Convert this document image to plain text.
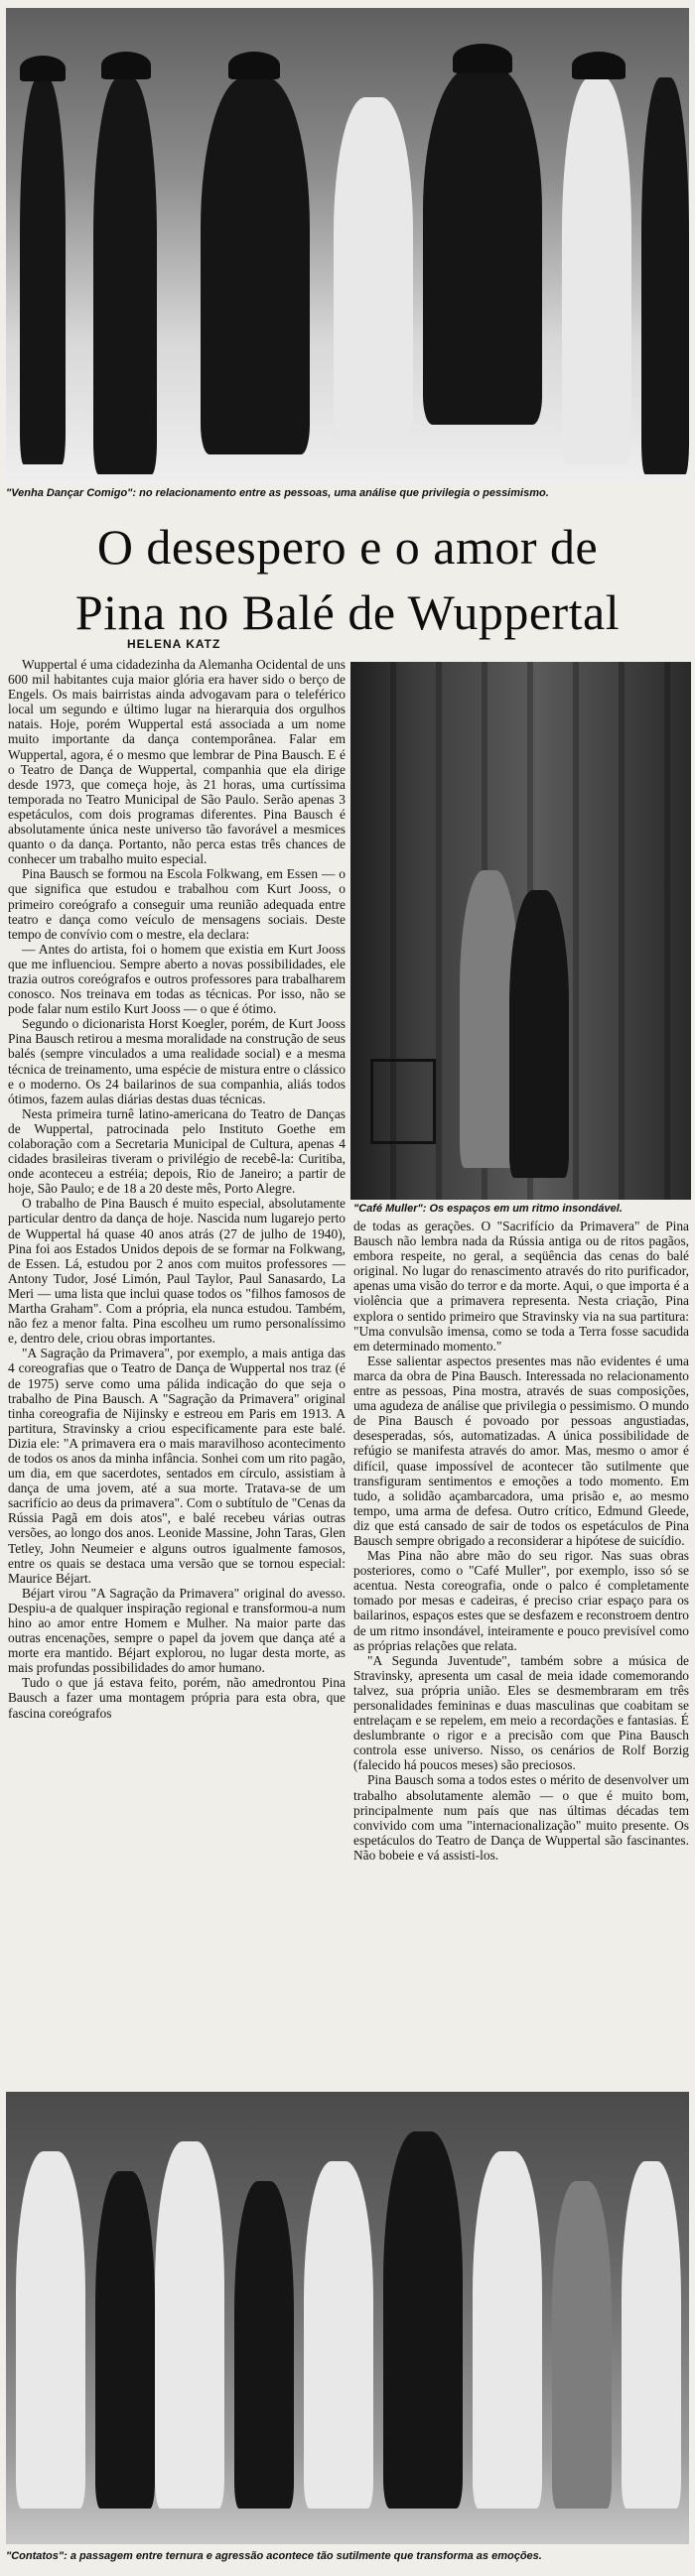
"Venha Dançar Comigo": no relacionamento entre as pessoas, uma análise que privilegia o pessimismo.
O desespero e o amor de
Pina no Balé de Wuppertal
HELENA KATZ

Wuppertal é uma cidadezinha da Alemanha Ocidental de uns 600 mil habitantes cuja maior glória era haver sido o berço de Engels. Os mais bairristas ainda advogavam para o teleférico local um segundo e último lugar na hierarquia dos orgulhos natais. Hoje, porém Wuppertal está associada a um nome muito importante da dança contemporânea. Falar em Wuppertal, agora, é o mesmo que lembrar de Pina Bausch. E é o Teatro de Dança de Wuppertal, companhia que ela dirige desde 1973, que começa hoje, às 21 horas, uma curtíssima temporada no Teatro Municipal de São Paulo. Serão apenas 3 espetáculos, com dois programas diferentes. Pina Bausch é absolutamente única neste universo tão favorável a mesmices quanto o da dança. Portanto, não perca estas três chances de conhecer um trabalho muito especial.

Pina Bausch se formou na Escola Folkwang, em Essen — o que significa que estudou e trabalhou com Kurt Jooss, o primeiro coreógrafo a conseguir uma reunião adequada entre teatro e dança como veículo de mensagens sociais. Deste tempo de convívio com o mestre, ela declara:

— Antes do artista, foi o homem que existia em Kurt Jooss que me influenciou. Sempre aberto a novas possibilidades, ele trazia outros coreógrafos e outros professores para trabalharem conosco. Nos treinava em todas as técnicas. Por isso, não se pode falar num estilo Kurt Jooss — o que é ótimo.

Segundo o dicionarista Horst Koegler, porém, de Kurt Jooss Pina Bausch retirou a mesma moralidade na construção de seus balés (sempre vinculados a uma realidade social) e a mesma técnica de treinamento, uma espécie de mistura entre o clássico e o moderno. Os 24 bailarinos de sua companhia, aliás todos ótimos, fazem aulas diárias destas duas técnicas.

Nesta primeira turnê latino-americana do Teatro de Danças de Wuppertal, patrocinada pelo Instituto Goethe em colaboração com a Secretaria Municipal de Cultura, apenas 4 cidades brasileiras tiveram o privilégio de recebê-la: Curitiba, onde aconteceu a estréia; depois, Rio de Janeiro; a partir de hoje, São Paulo; e de 18 a 20 deste mês, Porto Alegre.

O trabalho de Pina Bausch é muito especial, absolutamente particular dentro da dança de hoje. Nascida num lugarejo perto de Wuppertal há quase 40 anos atrás (27 de julho de 1940), Pina foi aos Estados Unidos depois de se formar na Folkwang, de Essen. Lá, estudou por 2 anos com muitos professores — Antony Tudor, José Limón, Paul Taylor, Paul Sanasardo, La Meri — uma lista que inclui quase todos os "filhos famosos de Martha Graham". Com a própria, ela nunca estudou. Também, não fez a menor falta. Pina escolheu um rumo personalíssimo e, dentro dele, criou obras importantes.

"A Sagração da Primavera", por exemplo, a mais antiga das 4 coreografias que o Teatro de Dança de Wuppertal nos traz (é de 1975) serve como uma pálida indicação do que seja o trabalho de Pina Bausch. A "Sagração da Primavera" original tinha coreografia de Nijinsky e estreou em Paris em 1913. A partitura, Stravinsky a criou especificamente para este balé. Dizia ele: "A primavera era o mais maravilhoso acontecimento de todos os anos da minha infância. Sonhei com um rito pagão, um dia, em que sacerdotes, sentados em círculo, assistiam à dança de uma jovem, até a sua morte. Tratava-se de um sacrifício ao deus da primavera". Com o subtítulo de "Cenas da Rússia Pagã em dois atos", e balé recebeu várias outras versões, ao longo dos anos. Leonide Massine, John Taras, Glen Tetley, John Neumeier e alguns outros igualmente famosos, entre os quais se destaca uma versão que se tornou especial: Maurice Béjart.

Béjart virou "A Sagração da Primavera" original do avesso. Despiu-a de qualquer inspiração regional e transformou-a num hino ao amor entre Homem e Mulher. Na maior parte das outras encenações, sempre o papel da jovem que dança até a morte era mantido. Béjart explorou, no lugar desta morte, as mais profundas possibilidades do amor humano.

Tudo o que já estava feito, porém, não amedrontou Pina Bausch a fazer uma montagem própria para esta obra, que fascina coreógrafos

"Café Muller": Os espaços em um ritmo insondável.

de todas as gerações. O "Sacrifício da Primavera" de Pina Bausch não lembra nada da Rússia antiga ou de ritos pagãos, embora respeite, no geral, a seqüência das cenas do balé original. No lugar do renascimento através do rito purificador, apenas uma visão do terror e da morte. Aqui, o que importa é a violência que a primavera representa. Nesta criação, Pina explora o sentido primeiro que Stravinsky via na sua partitura: "Uma convulsão imensa, como se toda a Terra fosse sacudida em determinado momento."

Esse salientar aspectos presentes mas não evidentes é uma marca da obra de Pina Bausch. Interessada no relacionamento entre as pessoas, Pina mostra, através de suas composições, uma agudeza de análise que privilegia o pessimismo. O mundo de Pina Bausch é povoado por pessoas angustiadas, desesperadas, sós, automatizadas. A única possibilidade de refúgio se manifesta através do amor. Mas, mesmo o amor é difícil, quase impossível de acontecer tão sutilmente que transfiguram sentimentos e emoções a todo momento. Em tudo, a solidão açambarcadora, uma prisão e, ao mesmo tempo, uma arma de defesa. Outro crítico, Edmund Gleede, diz que está cansado de sair de todos os espetáculos de Pina Bausch sempre obrigado a reconsiderar a hipótese de suicídio.

Mas Pina não abre mão do seu rigor. Nas suas obras posteriores, como o "Café Muller", por exemplo, isso só se acentua. Nesta coreografia, onde o palco é completamente tomado por mesas e cadeiras, é preciso criar espaço para os bailarinos, espaços estes que se desfazem e reconstroem dentro de um ritmo insondável, inteiramente e pouco previsível como as próprias relações que relata.

"A Segunda Juventude", também sobre a música de Stravinsky, apresenta um casal de meia idade comemorando talvez, sua própria união. Eles se desmembraram em três personalidades femininas e duas masculinas que coabitam se entrelaçam e se repelem, em meio a recordações e fantasias. É deslumbrante o rigor e a precisão com que Pina Bausch controla esse universo. Nisso, os cenários de Rolf Borzig (falecido há poucos meses) são preciosos.

Pina Bausch soma a todos estes o mérito de desenvolver um trabalho absolutamente alemão — o que é muito bom, principalmente num país que nas últimas décadas tem convivido com uma "internacionalização" muito presente. Os espetáculos do Teatro de Dança de Wuppertal são fascinantes. Não bobeie e vá assisti-los.

"Contatos": a passagem entre ternura e agressão acontece tão sutilmente que transforma as emoções.
